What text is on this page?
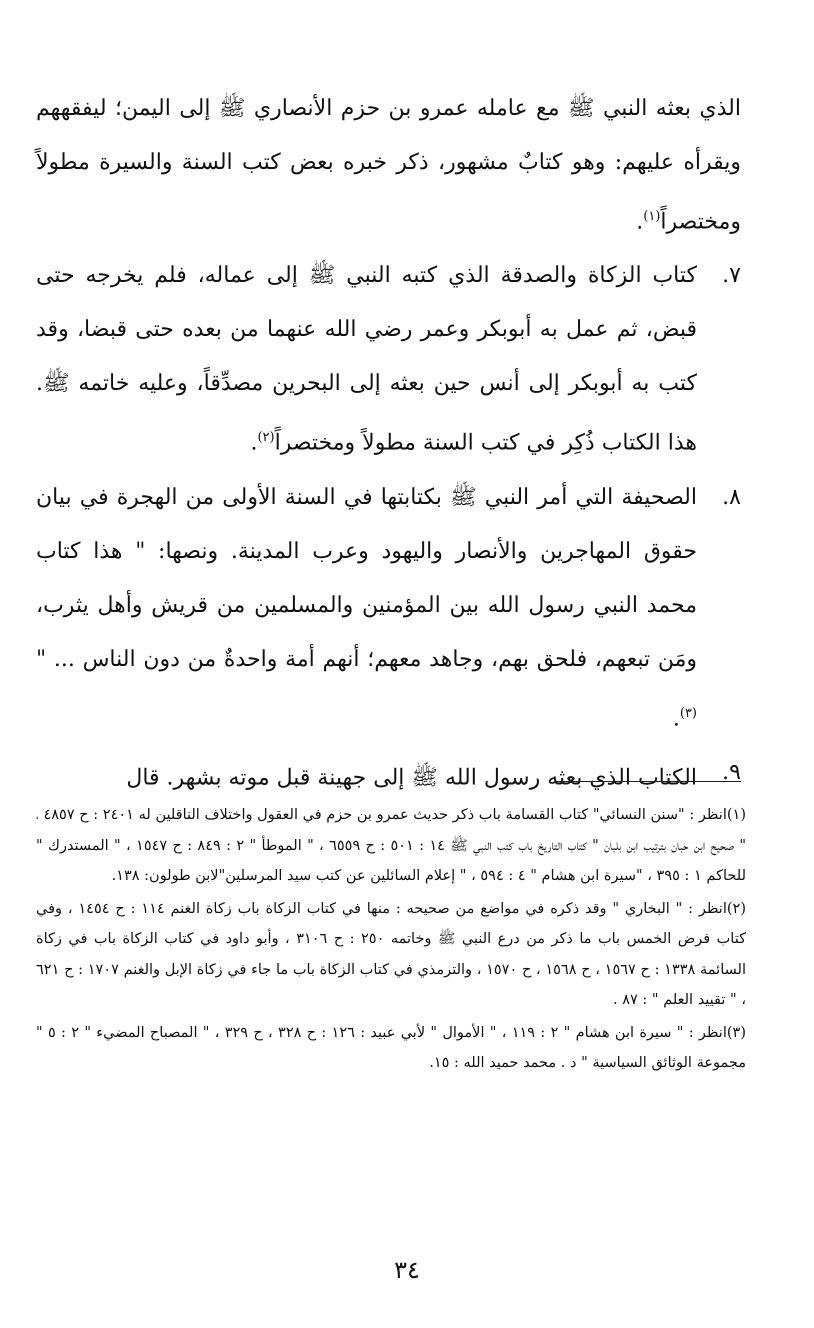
الذي بعثه النبي ﷺ مع عامله عمرو بن حزم الأنصاري ﷺ إلى اليمن؛ ليفقههم ويقرأه عليهم: وهو كتابٌ مشهور، ذكر خبره بعض كتب السنة والسيرة مطولاً ومختصراً$^{(١)}$.

٧.
كتاب الزكاة والصدقة الذي كتبه النبي ﷺ إلى عماله، فلم يخرجه حتى قبض، ثم عمل به أبوبكر وعمر رضي الله عنهما من بعده حتى قبضا، وقد كتب به أبوبكر إلى أنس حين بعثه إلى البحرين مصدِّقاً، وعليه خاتمه ﷺ. هذا الكتاب ذُكِر في كتب السنة مطولاً ومختصراً$^{(٢)}$.
٨.
الصحيفة التي أمر النبي ﷺ بكتابتها في السنة الأولى من الهجرة في بيان حقوق المهاجرين والأنصار واليهود وعرب المدينة. ونصها: " هذا كتاب محمد النبي رسول الله بين المؤمنين والمسلمين من قريش وأهل يثرب، ومَن تبعهم، فلحق بهم، وجاهد معهم؛ أنهم أمة واحدةٌ من دون الناس ... "$^{(٣)}$.
٩.
الكتاب الذي بعثه رسول الله ﷺ إلى جهينة قبل موته بشهر. قال

(١)انظر : "سنن النسائي" كتاب القسامة باب ذكر حديث عمرو بن حزم في العقول واختلاف الناقلين له ٢٤٠١ : ح ٤٨٥٧ ، " صحيح ابن حبان بترتيب ابن بلبان " كتاب التاريخ باب كتب النبي ﷺ ١٤ : ٥٠١ : ح ٦٥٥٩ ، " الموطأ " ٢ : ٨٤٩ : ح ١٥٤٧ ، " المستدرك " للحاكم ١ : ٣٩٥ ، "سيرة ابن هشام " ٤ : ٥٩٤ ، " إعلام السائلين عن كتب سيد المرسلين"لابن طولون: ١٣٨.

(٢)انظر : " البخاري " وقد ذكره في مواضع من صحيحه : منها في كتاب الزكاة باب زكاة الغنم ١١٤ : ح ١٤٥٤ ، وفي كتاب فرض الخمس باب ما ذكر من درع النبي ﷺ وخاتمه ٢٥٠ : ح ٣١٠٦ ، وأبو داود في كتاب الزكاة باب في زكاة السائمة ١٣٣٨ : ح ١٥٦٧ ، ح ١٥٦٨ ، ح ١٥٧٠ ، والترمذي في كتاب الزكاة باب ما جاء في زكاة الإبل والغنم ١٧٠٧ : ح ٦٢١ ، " تقييد العلم " : ٨٧ .

(٣)انظر : " سيرة ابن هشام " ٢ : ١١٩ ، " الأموال " لأبي عبيد : ١٢٦ : ح ٣٢٨ ، ح ٣٢٩ ، " المصباح المضيء " ٢ : ٥ " مجموعة الوثائق السياسية " د . محمد حميد الله : ١٥.

٣٤
